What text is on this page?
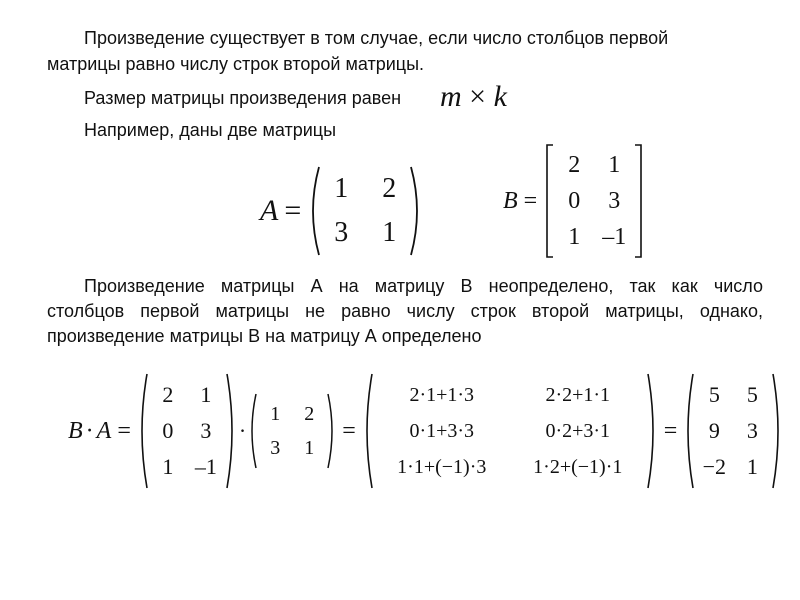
Произведение существует в том случае, если число столбцов первой
матрицы равно числу строк второй матрицы.
Размер матрицы произведения равен m × k
Например, даны две матрицы
A =
1 2
3 1
B =
2 1
0 3
1 –1
Произведение матрицы А на матрицу В неопределено, так как число
столбцов первой матрицы не равно числу строк второй матрицы, однако,
произведение матрицы В на матрицу А определено
B · A =
2 1
0 3
1 –1
·
1 2
3 1
=
2·1+1·3	2·2+1·1
0·1+3·3	0·2+3·1
1·1+(−1)·3 1·2+(−1)·1
=
5 5
9 3
−2 1
